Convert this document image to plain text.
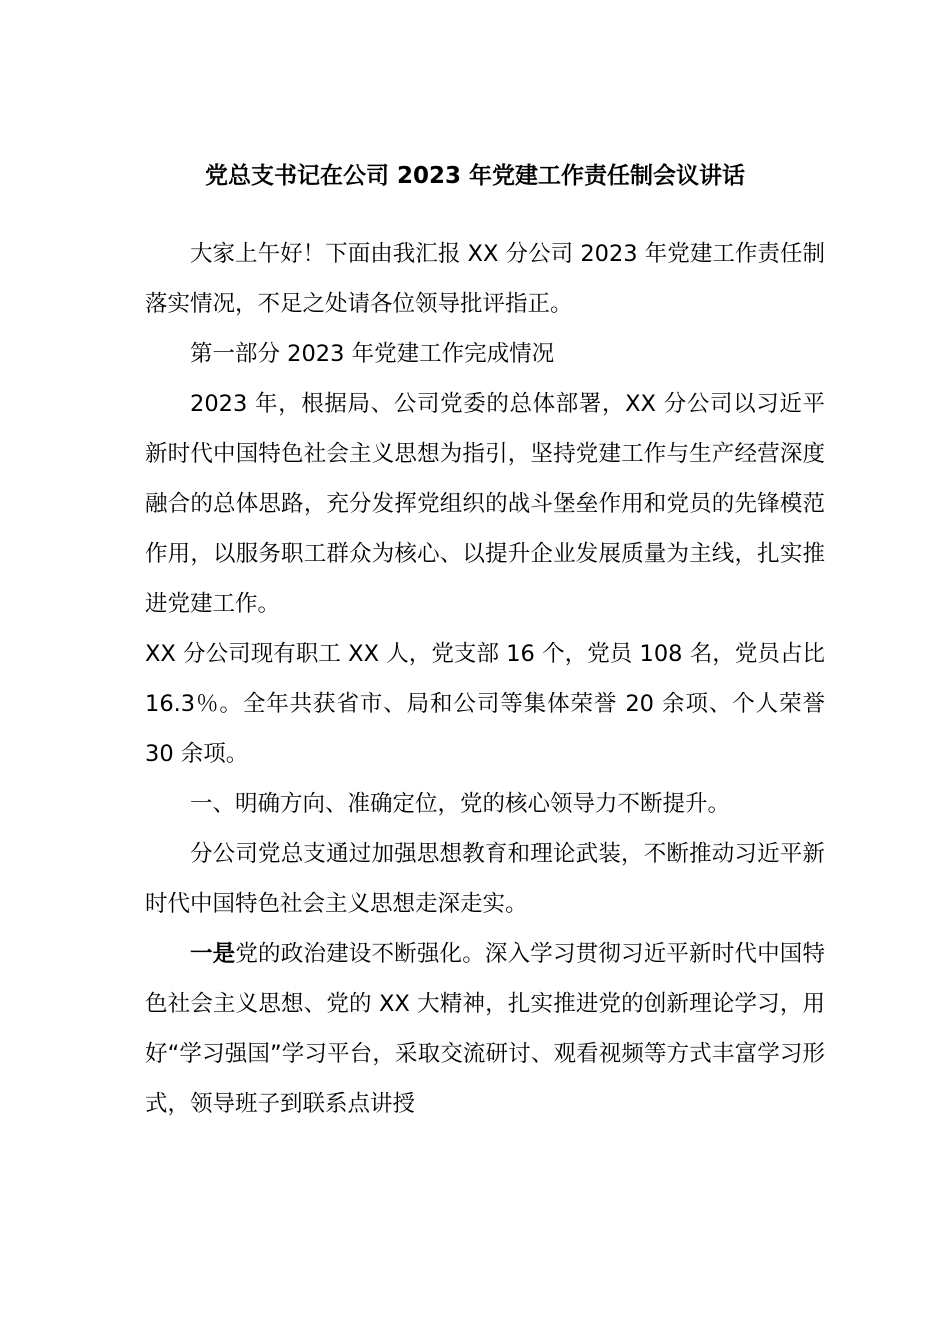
党总支书记在公司 2023 年党建工作责任制会议讲话

大家上午好！下面由我汇报 XX 分公司 2023 年党建工作责任制落实情况，不足之处请各位领导批评指正。

第一部分 2023 年党建工作完成情况

2023 年，根据局、公司党委的总体部署，XX 分公司以习近平新时代中国特色社会主义思想为指引，坚持党建工作与生产经营深度融合的总体思路，充分发挥党组织的战斗堡垒作用和党员的先锋模范作用，以服务职工群众为核心、以提升企业发展质量为主线，扎实推进党建工作。

XX 分公司现有职工 XX 人，党支部 16 个，党员 108 名，党员占比 16.3％。全年共获省市、局和公司等集体荣誉 20 余项、个人荣誉 30 余项。

一、明确方向、准确定位，党的核心领导力不断提升。

分公司党总支通过加强思想教育和理论武装，不断推动习近平新时代中国特色社会主义思想走深走实。

一是党的政治建设不断强化。深入学习贯彻习近平新时代中国特色社会主义思想、党的 XX 大精神，扎实推进党的创新理论学习，用好“学习强国”学习平台，采取交流研讨、观看视频等方式丰富学习形式，领导班子到联系点讲授
